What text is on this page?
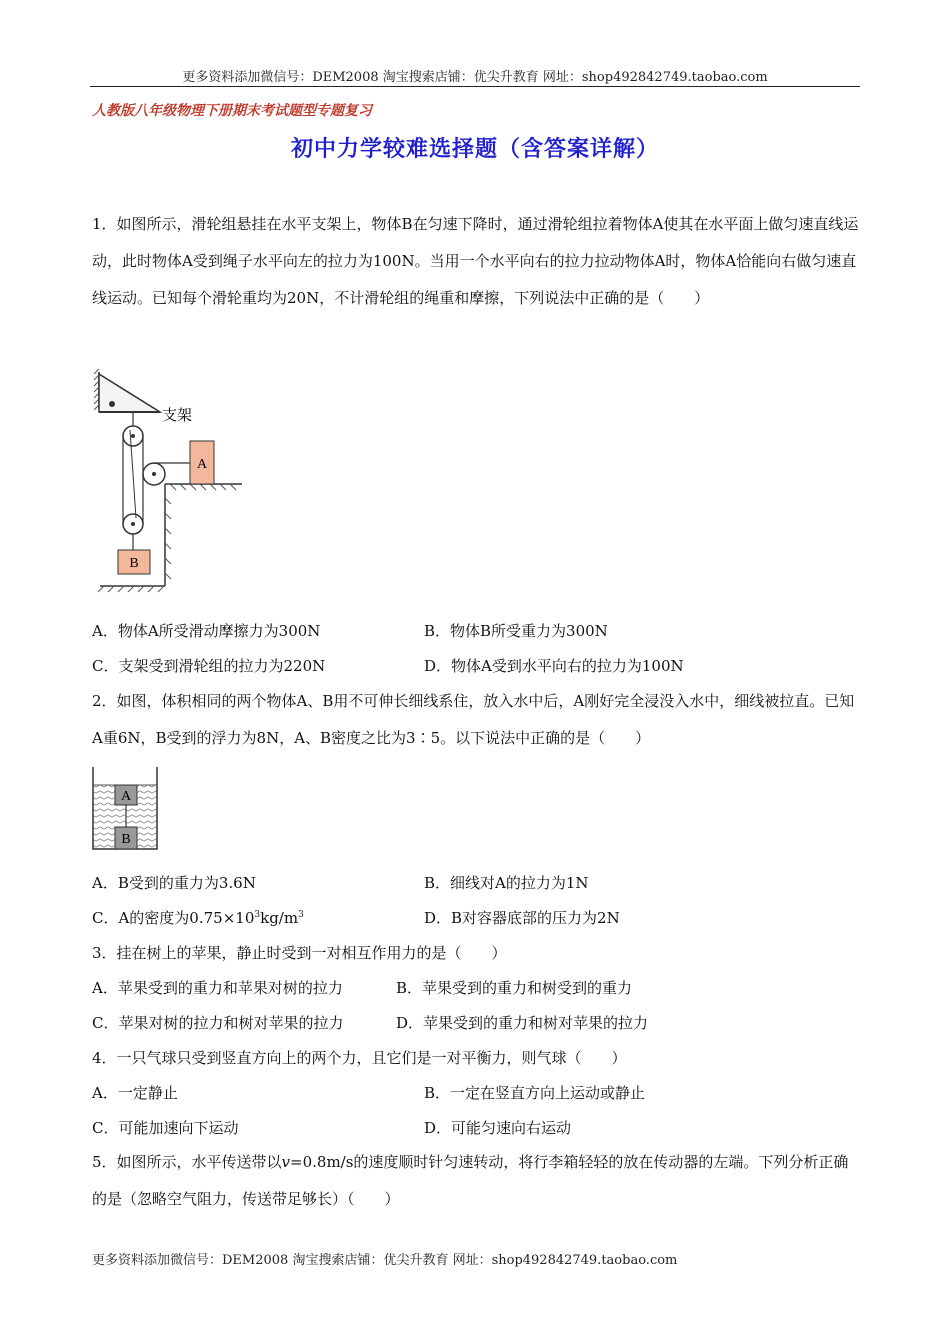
更多资料添加微信号：DEM2008 淘宝搜索店铺：优尖升教育 网址：shop492842749.taobao.com
人教版八年级物理下册期末考试题型专题复习
初中力学较难选择题（含答案详解）
1．如图所示，滑轮组悬挂在水平支架上，物体B在匀速下降时，通过滑轮组拉着物体A使其在水平面上做匀速直线运动，此时物体A受到绳子水平向左的拉力为100N。当用一个水平向右的拉力拉动物体A时，物体A恰能向右做匀速直线运动。已知每个滑轮重均为20N，不计滑轮组的绳重和摩擦，下列说法中正确的是（　　）
支架
B
A
A．物体A所受滑动摩擦力为300N	B．物体B所受重力为300N
C．支架受到滑轮组的拉力为220N	D．物体A受到水平向右的拉力为100N
2．如图，体积相同的两个物体A、B用不可伸长细线系住，放入水中后，A刚好完全浸没入水中，细线被拉直。已知A重6N，B受到的浮力为8N，A、B密度之比为3∶5。以下说法中正确的是（　　）
A
B
A．B受到的重力为3.6N	B．细线对A的拉力为1N
C．A的密度为$0.75\times 10^3kg/m^3$	D．B对容器底部的压力为2N
3．挂在树上的苹果，静止时受到一对相互作用力的是（　　）
A．苹果受到的重力和苹果对树的拉力	B．苹果受到的重力和树受到的重力
C．苹果对树的拉力和树对苹果的拉力	D．苹果受到的重力和树对苹果的拉力
4．一只气球只受到竖直方向上的两个力，且它们是一对平衡力，则气球（　　）
A．一定静止	B．一定在竖直方向上运动或静止
C．可能加速向下运动	D．可能匀速向右运动
5．如图所示，水平传送带以v=0.8m/s的速度顺时针匀速转动，将行李箱轻轻的放在传动器的左端。下列分析正确的是（忽略空气阻力，传送带足够长）（　　）
更多资料添加微信号：DEM2008 淘宝搜索店铺：优尖升教育 网址：shop492842749.taobao.com
